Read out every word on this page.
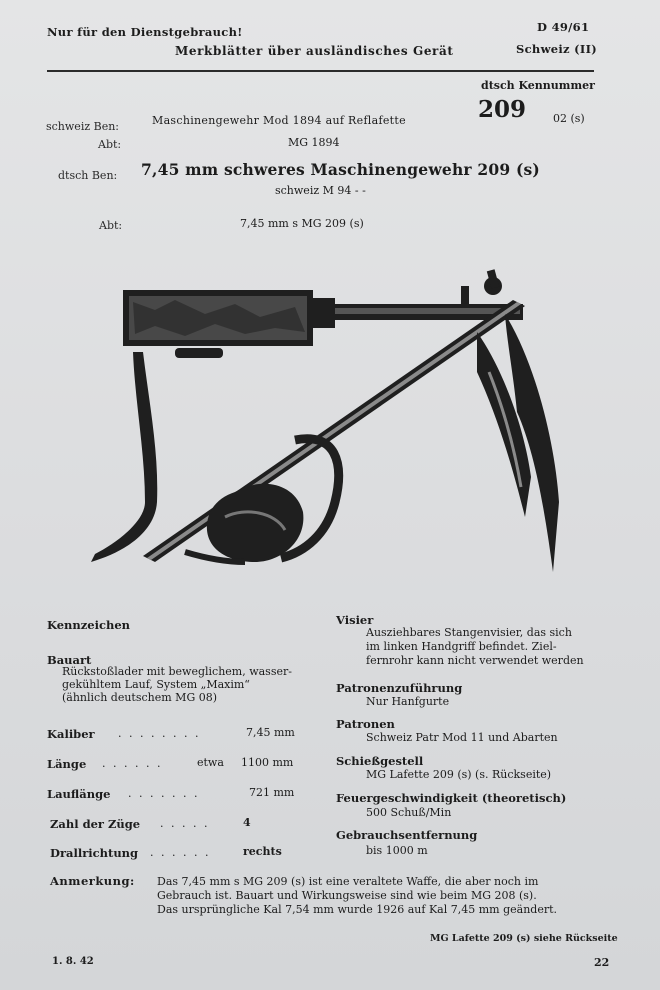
Nur für den Dienstgebrauch!
Merkblätter über ausländisches Gerät
D 49/61
Schweiz (II)
dtsch Kennummer
209 02 (s)
schweiz Ben:	Maschinengewehr Mod 1894 auf Reflafette
Abt:	MG 1894
dtsch Ben: 7,45 mm schweres Maschinengewehr 209 (s)
schweiz M 94 - -
Abt:	7,45 mm s MG 209 (s)
Kennzeichen
Bauart
Rückstoßlader mit beweglichem, wasser-
gekühltem Lauf, System „Maxim“
(ähnlich deutschem MG 08)
Kaliber . . . . . . . .	7,45 mm
Länge . . . . . .	etwa 1100 mm
Lauflänge . . . . . . .	721 mm
Zahl der Züge . . . . .	4
Drallrichtung . . . . . .	rechts
Visier
Ausziehbares Stangenvisier, das sich
im linken Handgriff befindet. Ziel-
fernrohr kann nicht verwendet werden
Patronenzuführung
Nur Hanfgurte
Patronen
Schweiz Patr Mod 11 und Abarten
Schießgestell
MG Lafette 209 (s) (s. Rückseite)
Feuergeschwindigkeit (theoretisch)
500 Schuß/Min
Gebrauchsentfernung
bis 1000 m
Anmerkung: Das 7,45 mm s MG 209 (s) ist eine veraltete Waffe, die aber noch im
Gebrauch ist. Bauart und Wirkungsweise sind wie beim MG 208 (s).
Das ursprüngliche Kal 7,54 mm wurde 1926 auf Kal 7,45 mm geändert.
MG Lafette 209 (s) siehe Rückseite
1. 8. 42	22
